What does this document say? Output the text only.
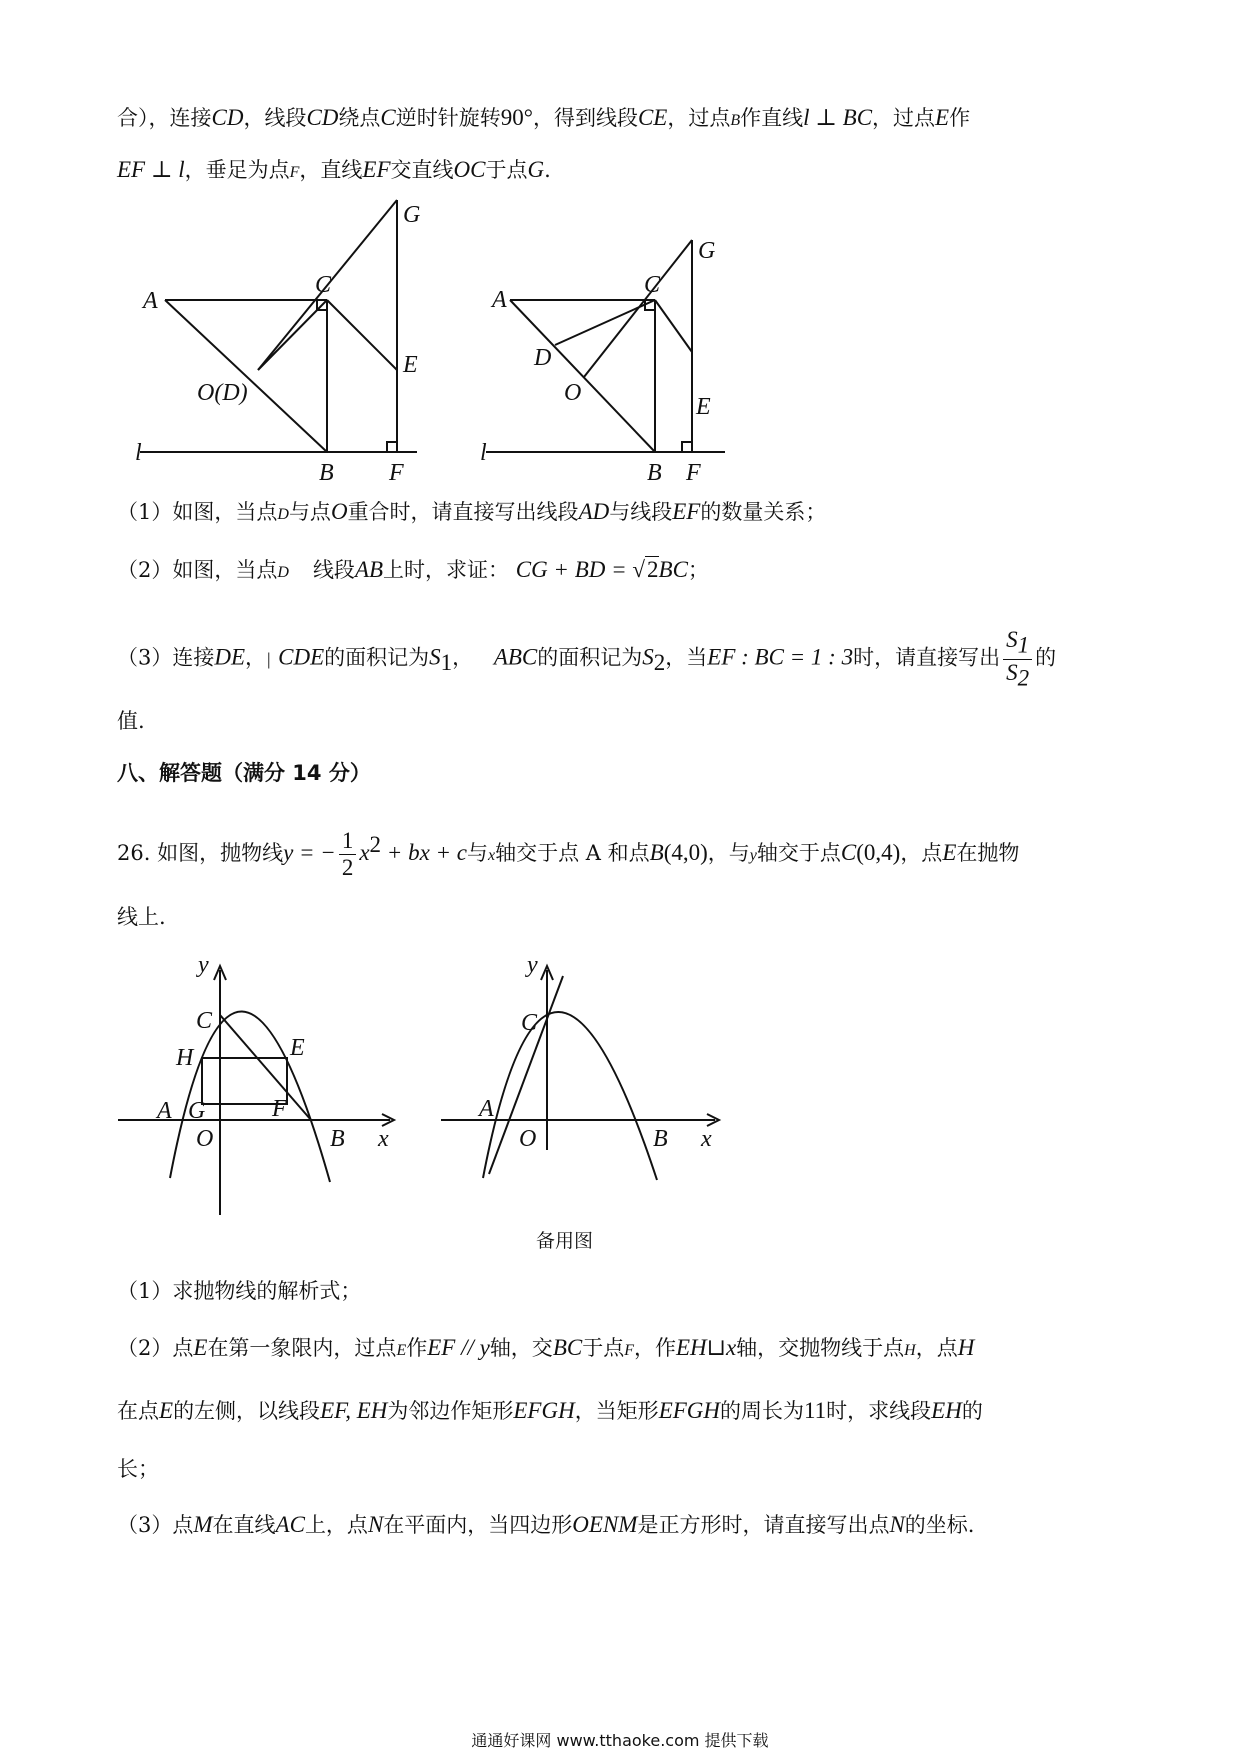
合），连接CD，线段CD绕点C逆时针旋转90°，得到线段CE，过点B作直线l ⊥ BC，过点E作
EF ⊥ l，垂足为点F，直线EF交直线OC于点G.
A
C
G
O(D)
E
B F
l
A
C
G
D
O
E
B F
l
（1）如图，当点D与点O重合时，请直接写出线段AD与线段EF的数量关系；
（2）如图，当点D 线段AB上时，求证： CG + BD = √2BC；
（3）连接DE，| CDE的面积记为$S_1$， ABC的面积记为$S_2$，当EF : BC = 1 : 3时，请直接写出 $\frac{S_1}{S_2}$ 的
值.
八、解答题（满分 14 分）
26. 如图，抛物线y = − $\frac{1}{2} x^2$ + bx + c与x轴交于点 A 和点B(4,0)，与y轴交于点C(0,4)，点E在抛物
线上.
y
C
H	E
A G	F
O	B x
y
C
A
O	B x
备用图
（1）求抛物线的解析式；
（2）点E在第一象限内，过点E作EF // y轴，交BC于点F，作EH⊔x轴，交抛物线于点H，点H
在点E的左侧，以线段EF, EH为邻边作矩形EFGH，当矩形EFGH的周长为11时，求线段EH的
长；
（3）点M在直线AC上，点N在平面内，当四边形OENM是正方形时，请直接写出点N的坐标.
通通好课网 www.tthaoke.com 提供下载
